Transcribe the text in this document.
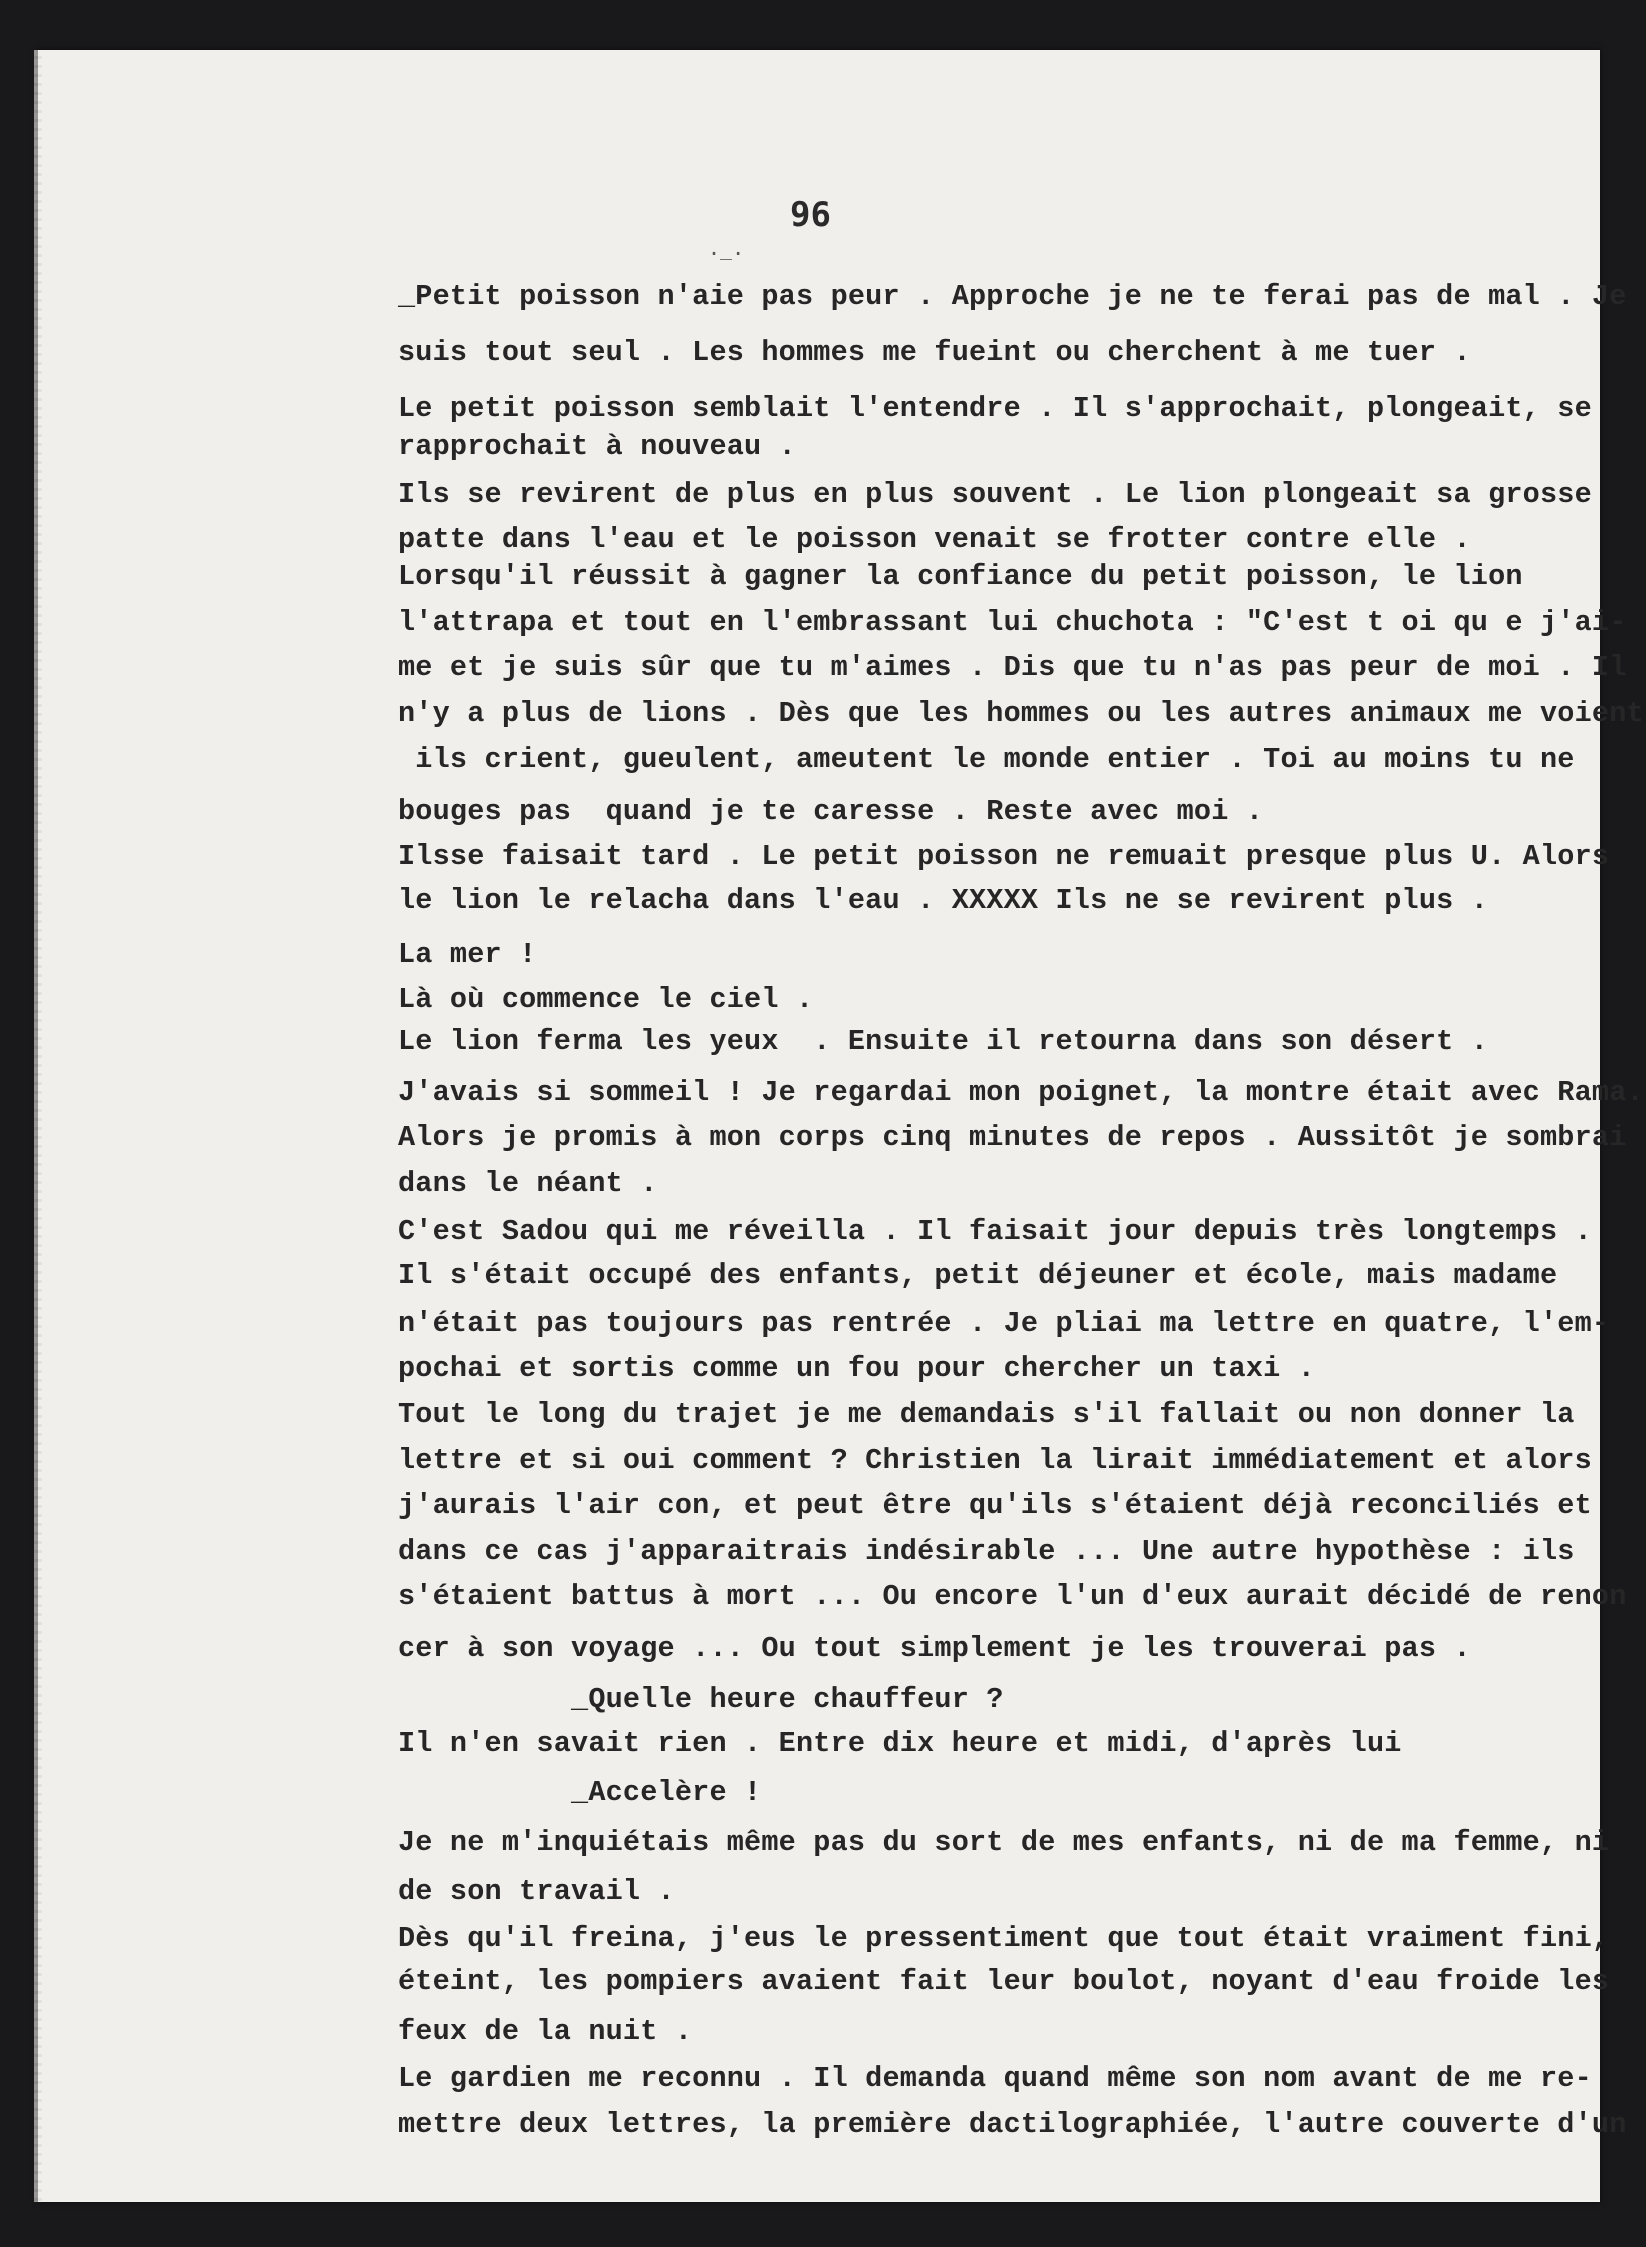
96
._.
_Petit poisson n'aie pas peur . Approche je ne te ferai pas de mal . Je
suis tout seul . Les hommes me fueint ou cherchent à me tuer .
Le petit poisson semblait l'entendre . Il s'approchait, plongeait, se
rapprochait à nouveau .
Ils se revirent de plus en plus souvent . Le lion plongeait sa grosse
patte dans l'eau et le poisson venait se frotter contre elle .
Lorsqu'il réussit à gagner la confiance du petit poisson, le lion
l'attrapa et tout en l'embrassant lui chuchota : "C'est t oi qu e j'ai-
me et je suis sûr que tu m'aimes . Dis que tu n'as pas peur de moi . Il
n'y a plus de lions . Dès que les hommes ou les autres animaux me voient
ils crient, gueulent, ameutent le monde entier . Toi au moins tu ne
bouges pas  quand je te caresse . Reste avec moi .
Ilsse faisait tard . Le petit poisson ne remuait presque plus U. Alors
le lion le relacha dans l'eau . XXXXX Ils ne se revirent plus .
La mer !
Là où commence le ciel .
Le lion ferma les yeux  . Ensuite il retourna dans son désert .
J'avais si sommeil ! Je regardai mon poignet, la montre était avec Rama.
Alors je promis à mon corps cinq minutes de repos . Aussitôt je sombrai
dans le néant .
C'est Sadou qui me réveilla . Il faisait jour depuis très longtemps .
Il s'était occupé des enfants, petit déjeuner et école, mais madame
n'était pas toujours pas rentrée . Je pliai ma lettre en quatre, l'em-
pochai et sortis comme un fou pour chercher un taxi .
Tout le long du trajet je me demandais s'il fallait ou non donner la
lettre et si oui comment ? Christien la lirait immédiatement et alors
j'aurais l'air con, et peut être qu'ils s'étaient déjà reconciliés et
dans ce cas j'apparaitrais indésirable ... Une autre hypothèse : ils
s'étaient battus à mort ... Ou encore l'un d'eux aurait décidé de renon
cer à son voyage ... Ou tout simplement je les trouverai pas .
_Quelle heure chauffeur ?
Il n'en savait rien . Entre dix heure et midi, d'après lui
_Accelère !
Je ne m'inquiétais même pas du sort de mes enfants, ni de ma femme, ni
de son travail .
Dès qu'il freina, j'eus le pressentiment que tout était vraiment fini,
éteint, les pompiers avaient fait leur boulot, noyant d'eau froide les
feux de la nuit .
Le gardien me reconnu . Il demanda quand même son nom avant de me re-
mettre deux lettres, la première dactilographiée, l'autre couverte d'un
